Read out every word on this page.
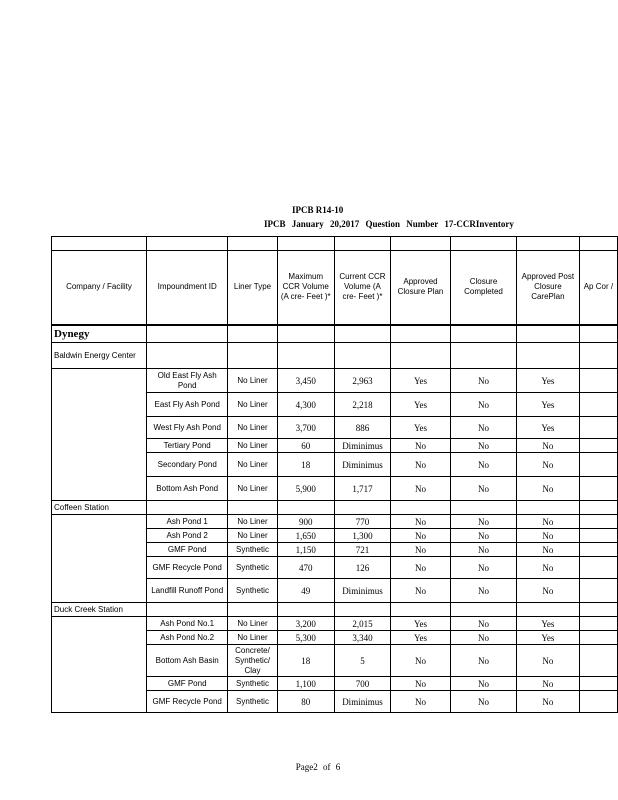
IPCB R14-10
IPCB January 20,2017 Question Number 17-CCRInventory

Company / Facility	Impoundment ID	Liner Type	Maximum CCR Volume (A cre- Feet )*	Current CCR Volume (A cre- Feet )*	Approved Closure Plan	Closure Completed	Approved Post Closure CarePlan	Ap Cor /
Dynegy								
Baldwin Energy Center								
	Old East Fly Ash Pond	No Liner	3,450	2,963	Yes	No	Yes	
	East Fly Ash Pond	No Liner	4,300	2,218	Yes	No	Yes	
	West Fly Ash Pond	No Liner	3,700	886	Yes	No	Yes	
	Tertiary Pond	No Liner	60	Diminimus	No	No	No	
	Secondary Pond	No Liner	18	Diminimus	No	No	No	
	Bottom Ash Pond	No Liner	5,900	1,717	No	No	No	
Coffeen Station								
	Ash Pond 1	No Liner	900	770	No	No	No	
	Ash Pond 2	No Liner	1,650	1,300	No	No	No	
	GMF Pond	Synthetic	1,150	721	No	No	No	
	GMF Recycle Pond	Synthetic	470	126	No	No	No	
	Landfill Runoff Pond	Synthetic	49	Diminimus	No	No	No	
Duck Creek Station								
	Ash Pond No.1	No Liner	3,200	2,015	Yes	No	Yes	
	Ash Pond No.2	No Liner	5,300	3,340	Yes	No	Yes	
	Bottom Ash Basin	Concrete/ Synthetic/ Clay	18	5	No	No	No	
	GMF Pond	Synthetic	1,100	700	No	No	No	
	GMF Recycle Pond	Synthetic	80	Diminimus	No	No	No	
Page2 of 6
